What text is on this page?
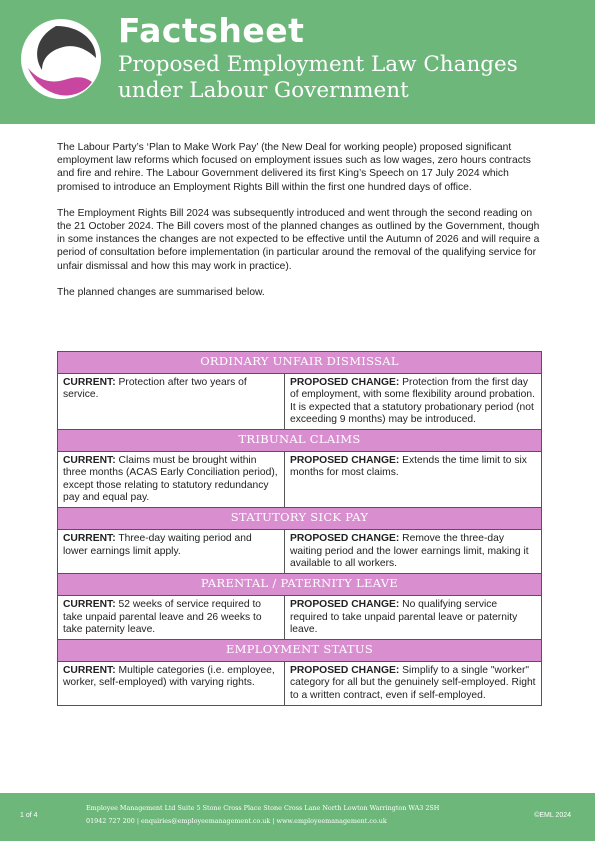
Factsheet
Proposed Employment Law Changes
under Labour Government

The Labour Party’s ‘Plan to Make Work Pay’ (the New Deal for working people) proposed significant employment law reforms which focused on employment issues such as low wages, zero hours contracts and fire and rehire. The Labour Government delivered its first King’s Speech on 17 July 2024 which promised to introduce an Employment Rights Bill within the first one hundred days of office.

The Employment Rights Bill 2024 was subsequently introduced and went through the second reading on the 21 October 2024. The Bill covers most of the planned changes as outlined by the Government, though in some instances the changes are not expected to be effective until the Autumn of 2026 and will require a period of consultation before implementation (in particular around the removal of the qualifying service for unfair dismissal and how this may work in practice).

The planned changes are summarised below.

ORDINARY UNFAIR DISMISSAL	
CURRENT: Protection after two years of service.	PROPOSED CHANGE: Protection from the first day of employment, with some flexibility around probation. It is expected that a statutory probationary period (not exceeding 9 months) may be introduced.
TRIBUNAL CLAIMS	
CURRENT: Claims must be brought within three months (ACAS Early Conciliation period), except those relating to statutory redundancy pay and equal pay.	PROPOSED CHANGE: Extends the time limit to six months for most claims.
STATUTORY SICK PAY	
CURRENT: Three-day waiting period and lower earnings limit apply.	PROPOSED CHANGE: Remove the three-day waiting period and the lower earnings limit, making it available to all workers.
PARENTAL / PATERNITY LEAVE	
CURRENT: 52 weeks of service required to take unpaid parental leave and 26 weeks to take paternity leave.	PROPOSED CHANGE: No qualifying service required to take unpaid parental leave or paternity leave.
EMPLOYMENT STATUS	
CURRENT: Multiple categories (i.e. employee, worker, self-employed) with varying rights.	PROPOSED CHANGE: Simplify to a single "worker" category for all but the genuinely self-employed. Right to a written contract, even if self-employed.
1 of 4
Employee Management Ltd Suite 5 Stone Cross Place Stone Cross Lane North Lowton Warrington WA3 2SH
01942 727 200 | enquiries@employeemanagement.co.uk | www.employeemanagement.co.uk
©EML 2024
